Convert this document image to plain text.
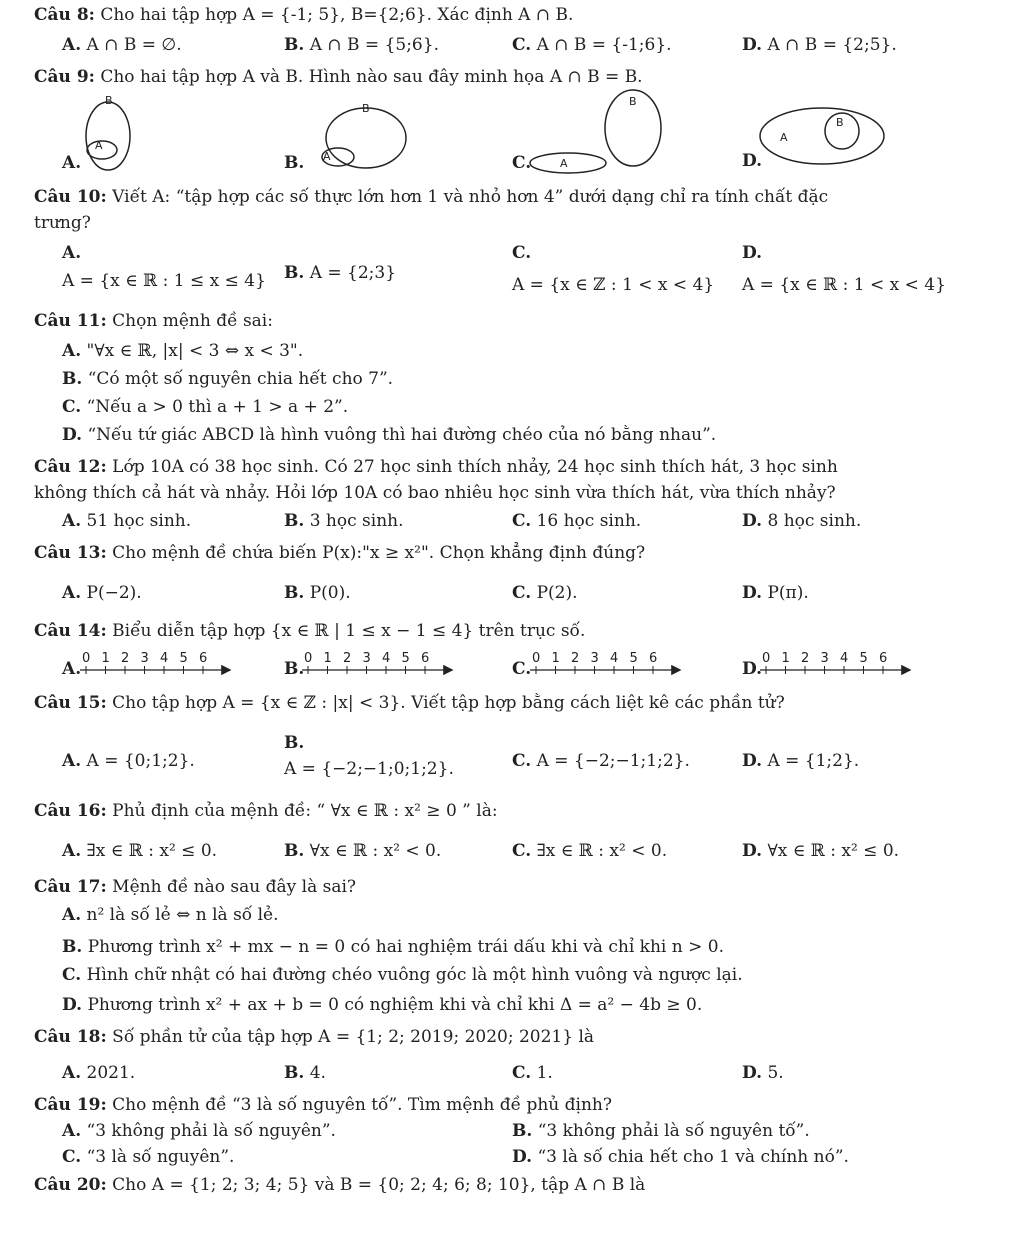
Câu 8: Cho hai tập hợp A = {-1; 5}, B={2;6}. Xác định A ∩ B.
A. A ∩ B = ∅.	B. A ∩ B = {5;6}.	C. A ∩ B = {-1;6}.	D. A ∩ B = {2;5}.
Câu 9: Cho hai tập hợp A và B. Hình nào sau đây minh họa A ∩ B = B.
A.	B.	C.	D.
B
A
B
A
A
B
A
B
Câu 10: Viết A: “tập hợp các số thực lớn hơn 1 và nhỏ hơn 4” dưới dạng chỉ ra tính chất đặc
trưng?
A.
A = {x ∈ ℝ : 1 ≤ x ≤ 4} B. A = {2;3}
C.
A = {x ∈ ℤ : 1 < x < 4}
D.
A = {x ∈ ℝ : 1 < x < 4}
Câu 11: Chọn mệnh đề sai:
A. "∀x ∈ ℝ, |x| < 3 ⇔ x < 3".
B. “Có một số nguyên chia hết cho 7”.
C. “Nếu a > 0 thì a + 1 > a + 2”.
D. “Nếu tứ giác ABCD là hình vuông thì hai đường chéo của nó bằng nhau”.
Câu 12: Lớp 10A có 38 học sinh. Có 27 học sinh thích nhảy, 24 học sinh thích hát, 3 học sinh
không thích cả hát và nhảy. Hỏi lớp 10A có bao nhiêu học sinh vừa thích hát, vừa thích nhảy?
A. 51 học sinh.	B. 3 học sinh.	C. 16 học sinh.	D. 8 học sinh.
Câu 13: Cho mệnh đề chứa biến P(x):"x ≥ x²". Chọn khẳng định đúng?
A. P(−2).	B. P(0).	C. P(2).	D. P(π).
Câu 14: Biểu diễn tập hợp {x ∈ ℝ | 1 ≤ x − 1 ≤ 4} trên trục số.
A.	B.	C.	D.
0 1 2 3 4 5 6	0 1 2 3 4 5 6	0 1 2 3 4 5 6	0 1 2 3 4 5 6
Câu 15: Cho tập hợp A = {x ∈ ℤ : |x| < 3}. Viết tập hợp bằng cách liệt kê các phần tử?
A. A = {0;1;2}.
B.
A = {−2;−1;0;1;2}.	C. A = {−2;−1;1;2}.	D. A = {1;2}.
Câu 16: Phủ định của mệnh đề: “ ∀x ∈ ℝ : x² ≥ 0 ” là:
A. ∃x ∈ ℝ : x² ≤ 0.	B. ∀x ∈ ℝ : x² < 0.	C. ∃x ∈ ℝ : x² < 0.	D. ∀x ∈ ℝ : x² ≤ 0.
Câu 17: Mệnh đề nào sau đây là sai?
A. n² là số lẻ ⇔ n là số lẻ.
B. Phương trình x² + mx − n = 0 có hai nghiệm trái dấu khi và chỉ khi n > 0.
C. Hình chữ nhật có hai đường chéo vuông góc là một hình vuông và ngược lại.
D. Phương trình x² + ax + b = 0 có nghiệm khi và chỉ khi Δ = a² − 4b ≥ 0.
Câu 18: Số phần tử của tập hợp A = {1; 2; 2019; 2020; 2021} là
A. 2021.	B. 4.	C. 1.	D. 5.
Câu 19: Cho mệnh đề “3 là số nguyên tố”. Tìm mệnh đề phủ định?
A. “3 không phải là số nguyên”.	B. “3 không phải là số nguyên tố”.
C. “3 là số nguyên”.	D. “3 là số chia hết cho 1 và chính nó”.
Câu 20: Cho A = {1; 2; 3; 4; 5} và B = {0; 2; 4; 6; 8; 10}, tập A ∩ B là
